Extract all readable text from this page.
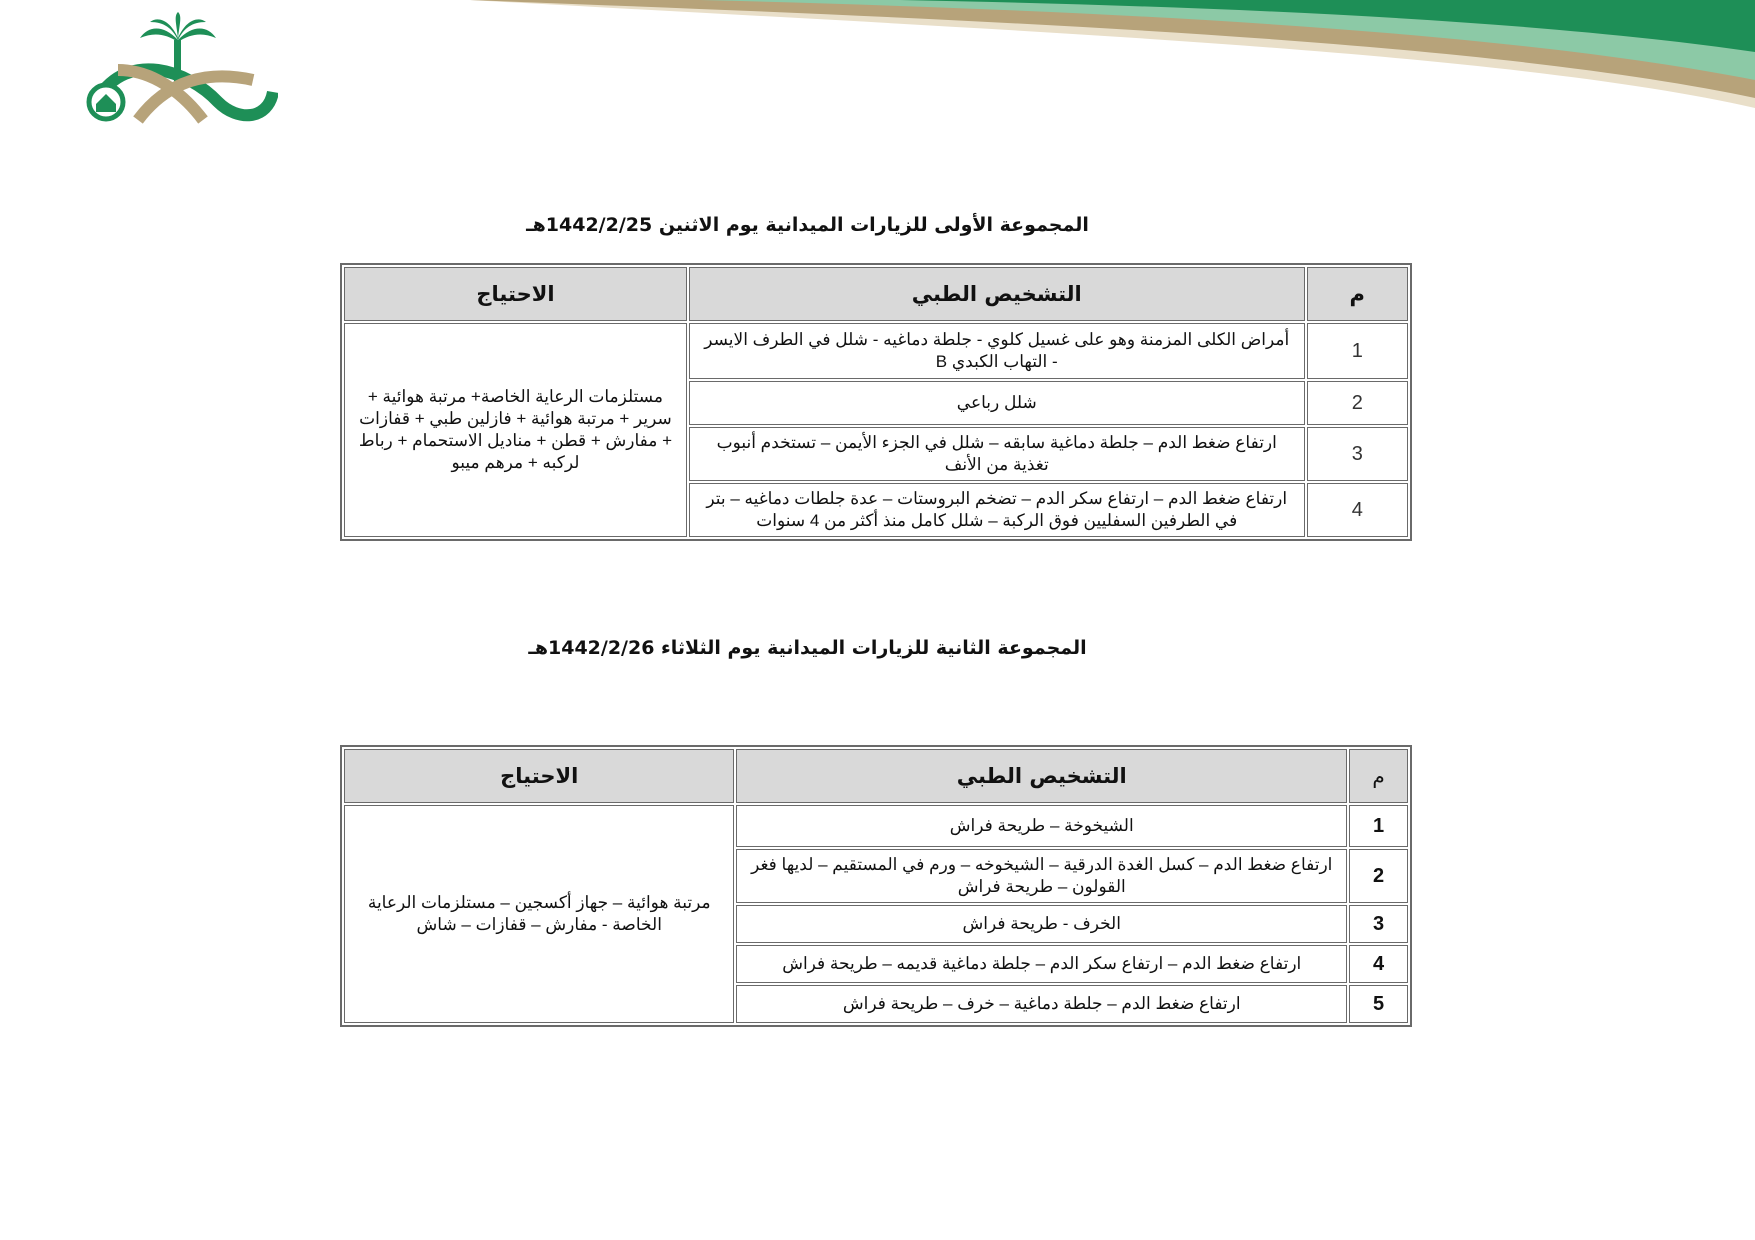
المجموعة الأولى للزيارات الميدانية يوم الاثنين 1442/2/25هـ
م	التشخيص الطبي	الاحتياج
1	أمراض الكلى المزمنة وهو على غسيل كلوي - جلطة دماغيه - شلل في الطرف الايسر - التهاب الكبدي B	مستلزمات الرعاية الخاصة+ مرتبة هوائية + سرير + مرتبة هوائية + فازلين طبي + قفازات + مفارش + قطن + مناديل الاستحمام + رباط لركبه + مرهم ميبو
2	شلل رباعي	
3	ارتفاع ضغط الدم – جلطة دماغية سابقه – شلل في الجزء الأيمن – تستخدم أنبوب تغذية من الأنف	
4	ارتفاع ضغط الدم – ارتفاع سكر الدم – تضخم البروستات – عدة جلطات دماغيه – بتر في الطرفين السفليين فوق الركبة – شلل كامل منذ أكثر من 4 سنوات	
المجموعة الثانية للزيارات الميدانية يوم الثلاثاء 1442/2/26هـ
م	التشخيص الطبي	الاحتياج
1	الشيخوخة – طريحة فراش	مرتبة هوائية – جهاز أكسجين – مستلزمات الرعاية الخاصة - مفارش – قفازات – شاش
2	ارتفاع ضغط الدم – كسل الغدة الدرقية – الشيخوخه – ورم في المستقيم – لديها فغر القولون – طريحة فراش	
3	الخرف - طريحة فراش	
4	ارتفاع ضغط الدم – ارتفاع سكر الدم – جلطة دماغية قديمه – طريحة فراش	
5	ارتفاع ضغط الدم – جلطة دماغية – خرف – طريحة فراش	
